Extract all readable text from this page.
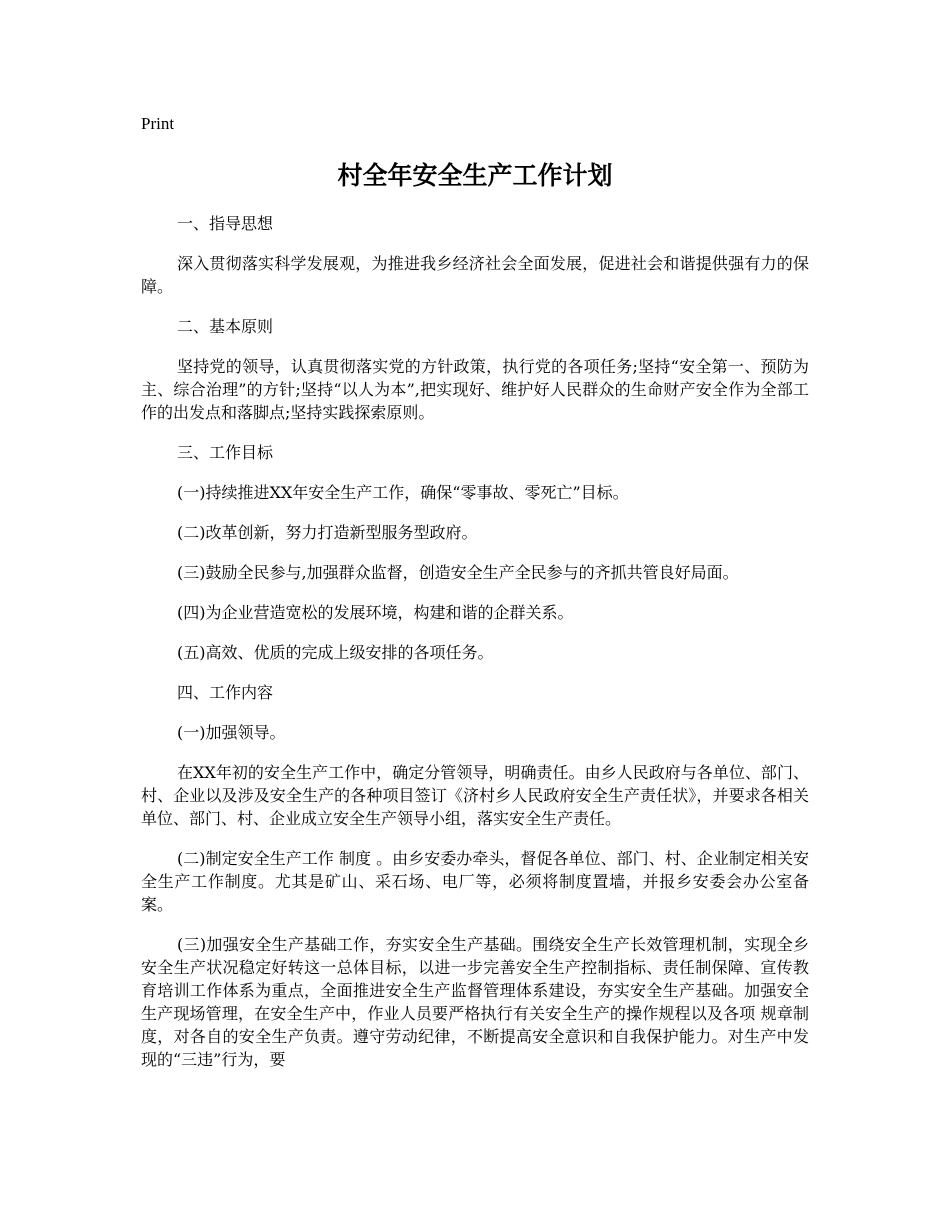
Print
村全年安全生产工作计划

一、指导思想

深入贯彻落实科学发展观，为推进我乡经济社会全面发展，促进社会和谐提供强有力的保障。

二、基本原则

坚持党的领导，认真贯彻落实党的方针政策，执行党的各项任务;坚持“安全第一、预防为主、综合治理”的方针;坚持“以人为本”,把实现好、维护好人民群众的生命财产安全作为全部工作的出发点和落脚点;坚持实践探索原则。

三、工作目标

(一)持续推进XX年安全生产工作，确保“零事故、零死亡”目标。

(二)改革创新，努力打造新型服务型政府。

(三)鼓励全民参与,加强群众监督，创造安全生产全民参与的齐抓共管良好局面。

(四)为企业营造宽松的发展环境，构建和谐的企群关系。

(五)高效、优质的完成上级安排的各项任务。

四、工作内容

(一)加强领导。

在XX年初的安全生产工作中，确定分管领导，明确责任。由乡人民政府与各单位、部门、村、企业以及涉及安全生产的各种项目签订《济村乡人民政府安全生产责任状》，并要求各相关单位、部门、村、企业成立安全生产领导小组，落实安全生产责任。

(二)制定安全生产工作 制度 。由乡安委办牵头，督促各单位、部门、村、企业制定相关安全生产工作制度。尤其是矿山、采石场、电厂等，必须将制度置墙，并报乡安委会办公室备案。

(三)加强安全生产基础工作，夯实安全生产基础。围绕安全生产长效管理机制，实现全乡安全生产状况稳定好转这一总体目标，以进一步完善安全生产控制指标、责任制保障、宣传教育培训工作体系为重点，全面推进安全生产监督管理体系建设，夯实安全生产基础。加强安全生产现场管理，在安全生产中，作业人员要严格执行有关安全生产的操作规程以及各项 规章制度，对各自的安全生产负责。遵守劳动纪律，不断提高安全意识和自我保护能力。对生产中发现的“三违”行为，要
